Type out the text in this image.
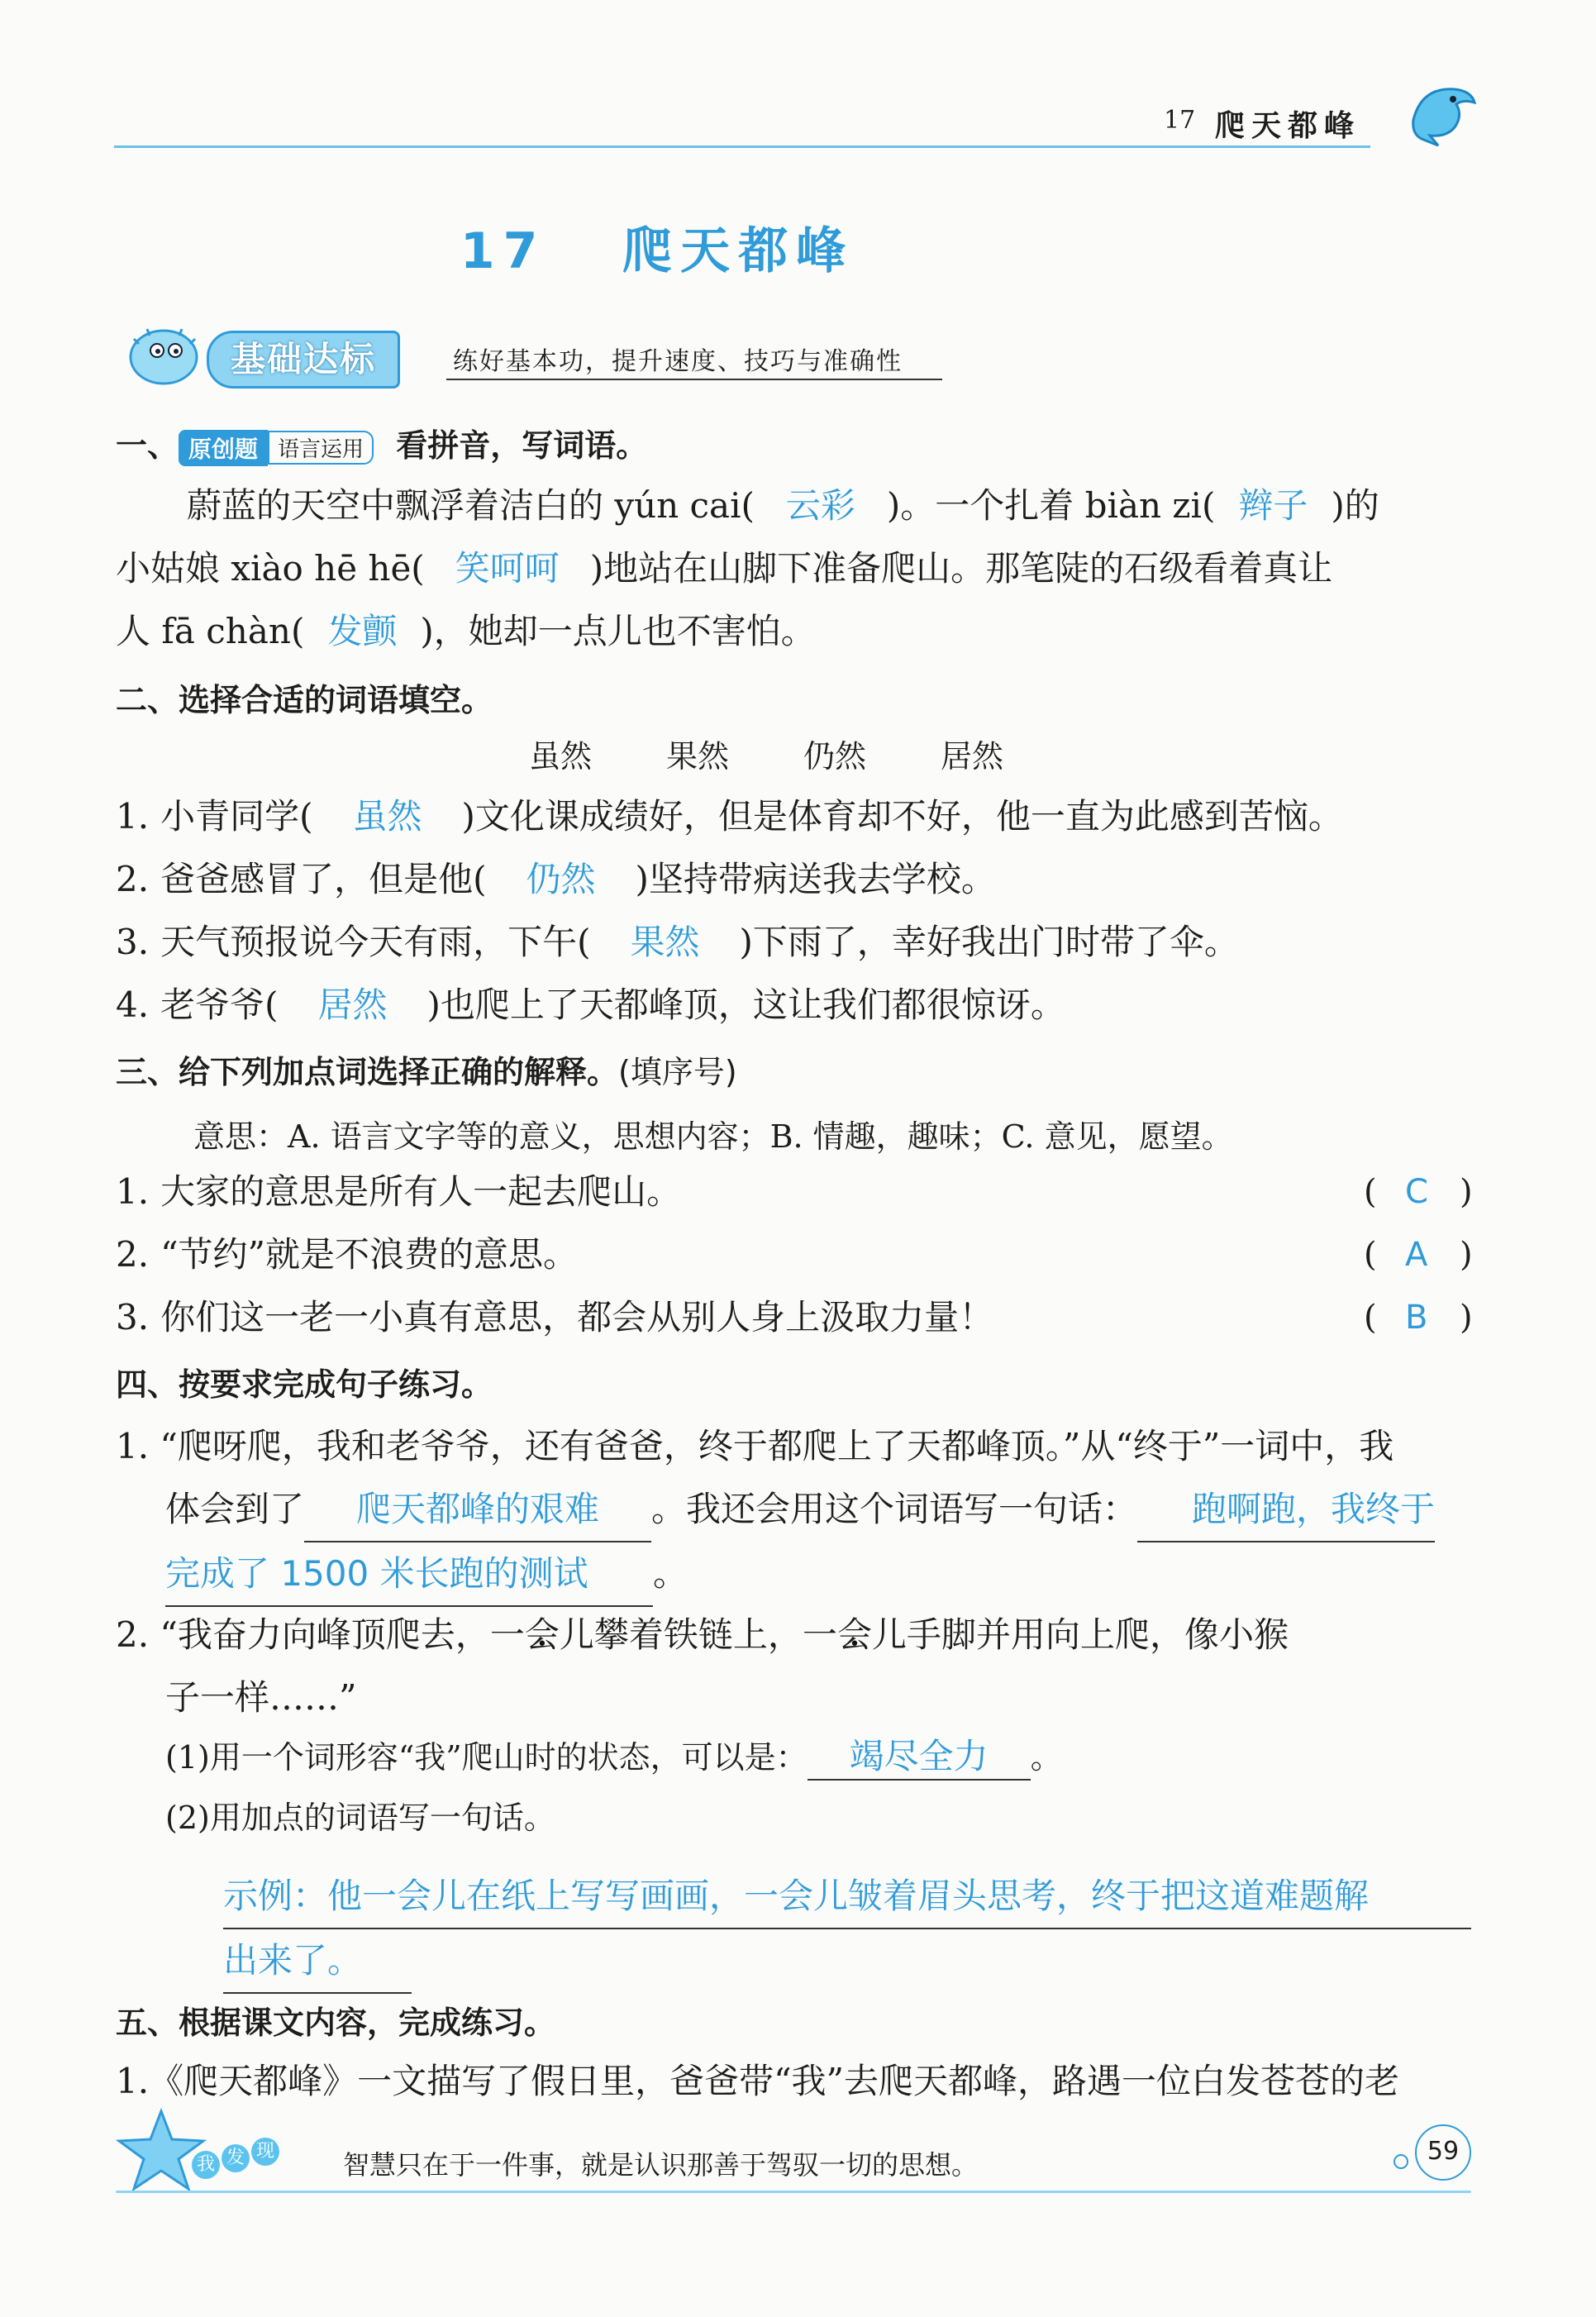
17 爬天都峰
17 爬天都峰
基础达标	练好基本功，提升速度、技巧与准确性
一、 原创题 语言运用 看拼音，写词语。
蔚蓝的天空中飘浮着洁白的 yún cai( 云彩 )。一个扎着 biàn zi( 辫子 )的
小姑娘 xiào hē hē( 笑呵呵 )地站在山脚下准备爬山。那笔陡的石级看着真让
人 fā chàn( 发颤 )，她却一点儿也不害怕。
二、选择合适的词语填空。
虽然 果然 仍然 居然
1. 小青同学( 虽然 )文化课成绩好，但是体育却不好，他一直为此感到苦恼。
2. 爸爸感冒了，但是他( 仍然 )坚持带病送我去学校。
3. 天气预报说今天有雨，下午( 果然 )下雨了，幸好我出门时带了伞。
4. 老爷爷( 居然 )也爬上了天都峰顶，这让我们都很惊讶。
三、给下列加点词选择正确的解释。(填序号)
意思：A. 语言文字等的意义，思想内容；B. 情趣，趣味；C. 意见，愿望。
1. 大家的意思是所有人一起去爬山。	( C )
2. “节约”就是不浪费的意思。	( A )
3. 你们这一老一小真有意思，都会从别人身上汲取力量！	( B )
四、按要求完成句子练习。
1. “爬呀爬，我和老爷爷，还有爸爸，终于都爬上了天都峰顶。”从“终于”一词中，我
体会到了 爬天都峰的艰难 。我还会用这个词语写一句话： 跑啊跑，我终于
完成了 1500 米长跑的测试 。
2. “我奋力向峰顶爬去，一会儿攀着铁链上，一会儿手脚并用向上爬，像小猴
子一样……”
(1)用一个词形容“我”爬山时的状态，可以是： 竭尽全力 。
(2)用加点的词语写一句话。
示例：他一会儿在纸上写写画画，一会儿皱着眉头思考，终于把这道难题解 出来了。
五、根据课文内容，完成练习。
1.《爬天都峰》一文描写了假日里，爸爸带“我”去爬天都峰，路遇一位白发苍苍的老
我 发 现	智慧只在于一件事，就是认识那善于驾驭一切的思想。	59
